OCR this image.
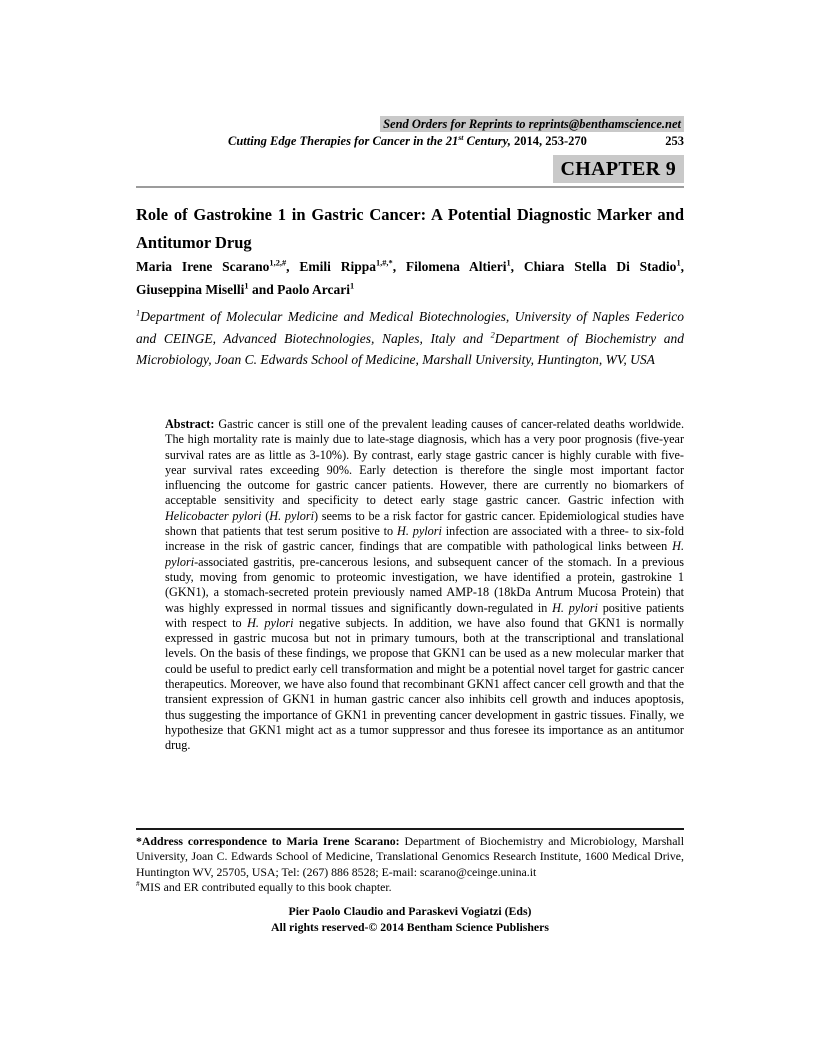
Send Orders for Reprints to reprints@benthamscience.net
Cutting Edge Therapies for Cancer in the 21st Century, 2014, 253-270	253
CHAPTER 9
Role of Gastrokine 1 in Gastric Cancer: A Potential Diagnostic Marker and Antitumor Drug
Maria Irene Scarano$^{1,2,\#}$, Emili Rippa$^{1,\#,*}$, Filomena Altieri$^1$, Chiara Stella Di Stadio$^1$, Giuseppina Miselli$^1$ and Paolo Arcari$^1$
$^1$Department of Molecular Medicine and Medical Biotechnologies, University of Naples Federico and CEINGE, Advanced Biotechnologies, Naples, Italy and $^2$Department of Biochemistry and Microbiology, Joan C. Edwards School of Medicine, Marshall University, Huntington, WV, USA
Abstract: Gastric cancer is still one of the prevalent leading causes of cancer-related deaths worldwide. The high mortality rate is mainly due to late-stage diagnosis, which has a very poor prognosis (five-year survival rates are as little as 3-10%). By contrast, early stage gastric cancer is highly curable with five-year survival rates exceeding 90%. Early detection is therefore the single most important factor influencing the outcome for gastric cancer patients. However, there are currently no biomarkers of acceptable sensitivity and specificity to detect early stage gastric cancer. Gastric infection with Helicobacter pylori (H. pylori) seems to be a risk factor for gastric cancer. Epidemiological studies have shown that patients that test serum positive to H. pylori infection are associated with a three- to six-fold increase in the risk of gastric cancer, findings that are compatible with pathological links between H. pylori-associated gastritis, pre-cancerous lesions, and subsequent cancer of the stomach. In a previous study, moving from genomic to proteomic investigation, we have identified a protein, gastrokine 1 (GKN1), a stomach-secreted protein previously named AMP-18 (18kDa Antrum Mucosa Protein) that was highly expressed in normal tissues and significantly down-regulated in H. pylori positive patients with respect to H. pylori negative subjects. In addition, we have also found that GKN1 is normally expressed in gastric mucosa but not in primary tumours, both at the transcriptional and translational levels. On the basis of these findings, we propose that GKN1 can be used as a new molecular marker that could be useful to predict early cell transformation and might be a potential novel target for gastric cancer therapeutics. Moreover, we have also found that recombinant GKN1 affect cancer cell growth and that the transient expression of GKN1 in human gastric cancer also inhibits cell growth and induces apoptosis, thus suggesting the importance of GKN1 in preventing cancer development in gastric tissues. Finally, we hypothesize that GKN1 might act as a tumor suppressor and thus foresee its importance as an antitumor drug.
*Address correspondence to Maria Irene Scarano: Department of Biochemistry and Microbiology, Marshall University, Joan C. Edwards School of Medicine, Translational Genomics Research Institute, 1600 Medical Drive, Huntington WV, 25705, USA; Tel: (267) 886 8528; E-mail: scarano@ceinge.unina.it
#MIS and ER contributed equally to this book chapter.
Pier Paolo Claudio and Paraskevi Vogiatzi (Eds)
All rights reserved-© 2014 Bentham Science Publishers
